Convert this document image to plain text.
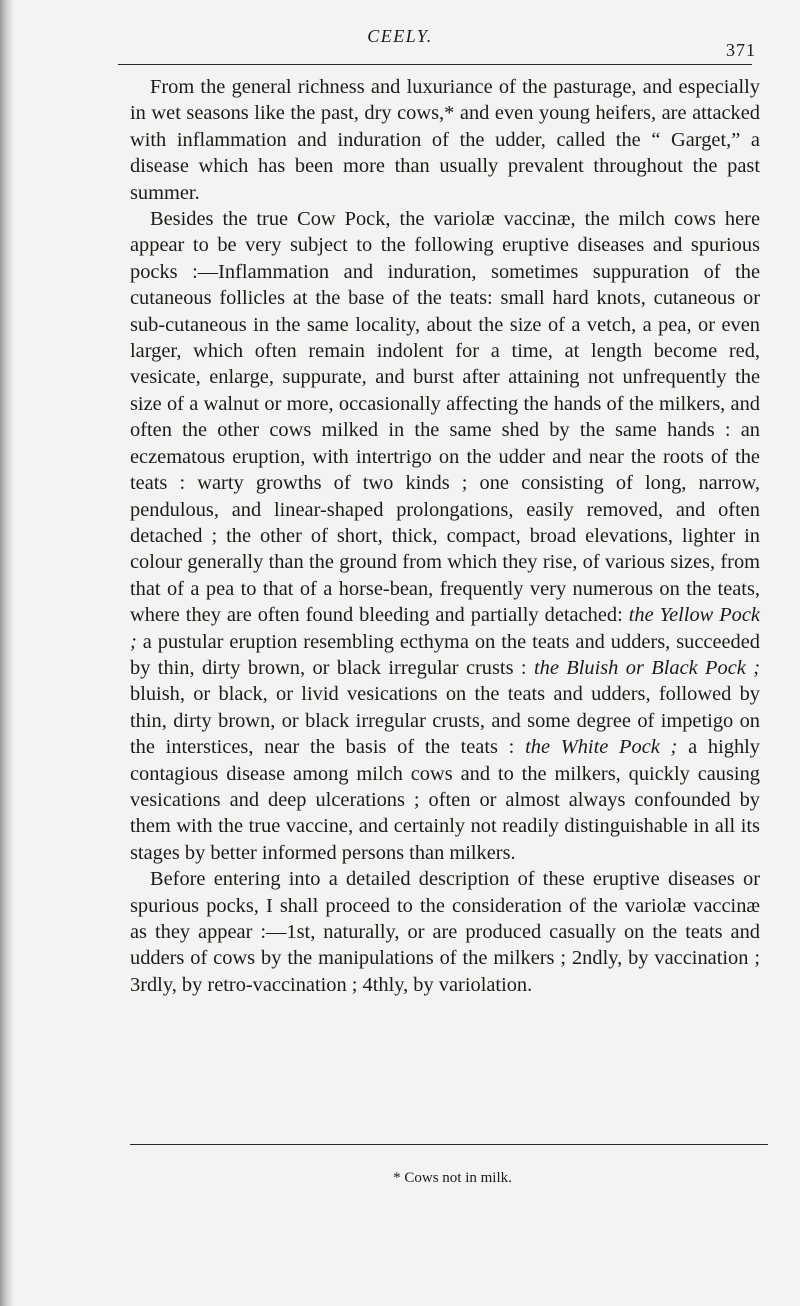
CEELY.
371

From the general richness and luxuriance of the pasturage, and especially in wet seasons like the past, dry cows,* and even young heifers, are attacked with inflammation and induration of the udder, called the “ Garget,” a disease which has been more than usually prevalent throughout the past summer.

Besides the true Cow Pock, the variolæ vaccinæ, the milch cows here appear to be very subject to the following eruptive diseases and spurious pocks :—Inflammation and induration, sometimes suppuration of the cutaneous follicles at the base of the teats: small hard knots, cutaneous or sub-cutaneous in the same locality, about the size of a vetch, a pea, or even larger, which often remain indolent for a time, at length become red, vesicate, enlarge, suppurate, and burst after attaining not unfrequently the size of a walnut or more, occasionally affecting the hands of the milkers, and often the other cows milked in the same shed by the same hands : an eczematous eruption, with intertrigo on the udder and near the roots of the teats : warty growths of two kinds ; one consisting of long, narrow, pendulous, and linear-shaped prolongations, easily removed, and often detached ; the other of short, thick, compact, broad elevations, lighter in colour generally than the ground from which they rise, of various sizes, from that of a pea to that of a horse-bean, frequently very numerous on the teats, where they are often found bleeding and partially detached: the Yellow Pock ; a pustular eruption resembling ecthyma on the teats and udders, succeeded by thin, dirty brown, or black irregular crusts : the Bluish or Black Pock ; bluish, or black, or livid vesications on the teats and udders, followed by thin, dirty brown, or black irregular crusts, and some degree of impetigo on the interstices, near the basis of the teats : the White Pock ; a highly contagious disease among milch cows and to the milkers, quickly causing vesications and deep ulcerations ; often or almost always confounded by them with the true vaccine, and certainly not readily distinguishable in all its stages by better informed persons than milkers.

Before entering into a detailed description of these eruptive diseases or spurious pocks, I shall proceed to the consideration of the variolæ vaccinæ as they appear :—1st, naturally, or are produced casually on the teats and udders of cows by the manipulations of the milkers ; 2ndly, by vaccination ; 3rdly, by retro-vaccination ; 4thly, by variolation.

* Cows not in milk.
